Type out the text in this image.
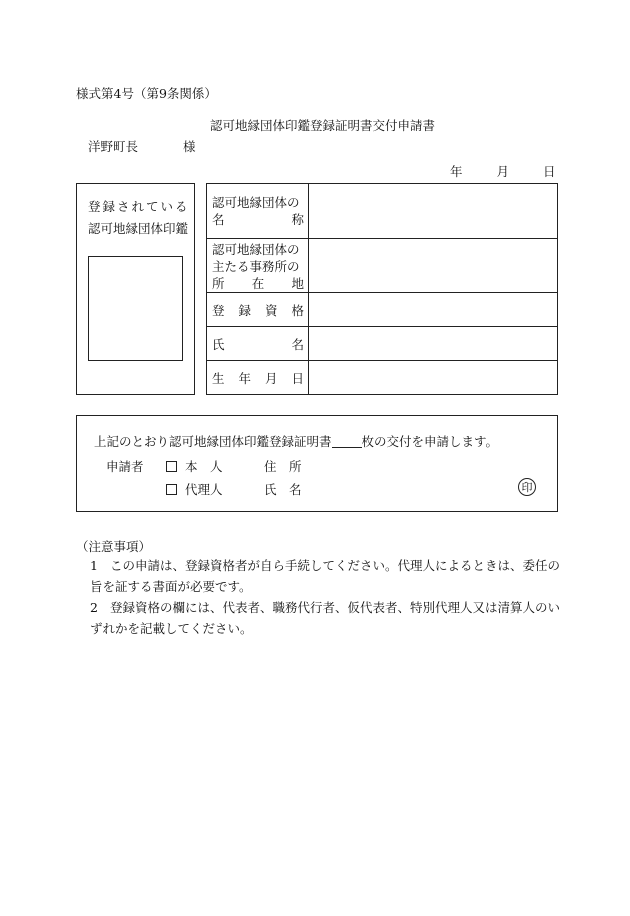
様式第4号（第9条関係）
認可地縁団体印鑑登録証明書交付申請書
洋野町長	様
年	月	日
登録されている
認可地縁団体印鑑
認可地縁団体の
名　称
認可地縁団体の
主たる事務所の
所　在　地
登　録　資　格
氏　名
生　年　月　日
上記のとおり認可地縁団体印鑑登録証明書 枚の交付を申請します。
申請者	本　人	住　所
代理人	氏　名	印
（注意事項）
1 この申請は、登録資格者が自ら手続してください。代理人によるときは、委任の旨を証する書面が必要です。
2 登録資格の欄には、代表者、職務代行者、仮代表者、特別代理人又は清算人のいずれかを記載してください。
